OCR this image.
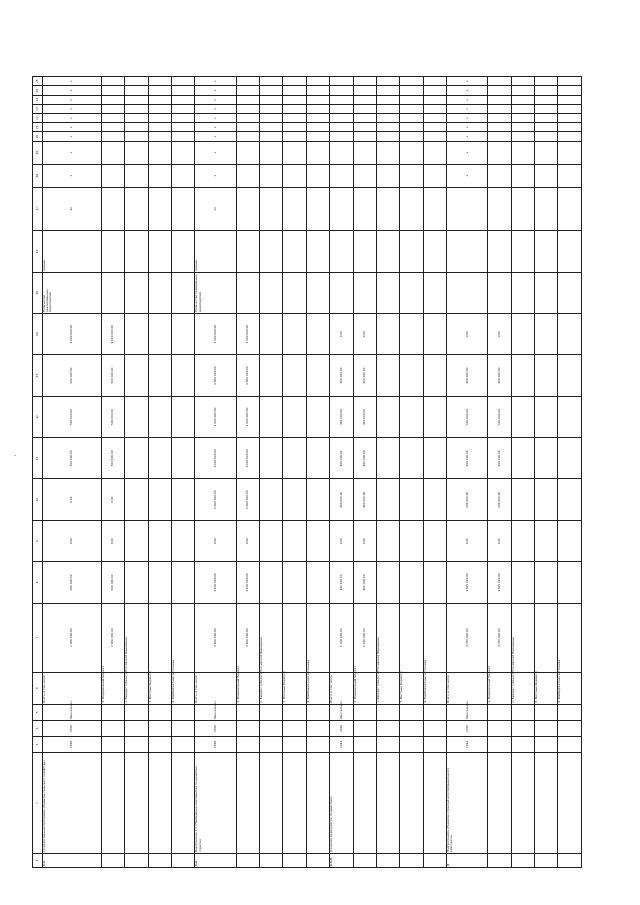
-
1	2	3	4	5	6	7	8	9	10	11	12	13	14	15	16	17	18	19	20	21	22	23	24	25	26
1.1	Государственная программа «Развитие сельского хозяйства»	2014	2020	Минсельхоз	Всего, в том числе	2 000 000,00	500 000,00	0,00	0,00	500 000,00	500 000,00	500 000,00	1 000 000,00	Количество реализованных мероприятий	единиц	12	x	x	x	x	x	x	x	x	x
					1. Федеральный бюджет	2 000 000,00	500 000,00	0,00	0,00	500 000,00	500 000,00	500 000,00	1 000 000,00												
					2. Бюджет субъекта Российской Федерации																				
					3. Местные бюджеты																				
					4. Внебюджетные источники																				
1.2	Мероприятие 1.2 «Проведение мероприятий по развитию отрасли»	2014	2020	Минсельхоз	Всего, в том числе	3 100 000,00	1 100 000,00	0,00	1 000 000,00	1 000 000,00	1 000 000,00	1 000 000,00	1 100 000,00	Количество проведённых мероприятий	единиц	22	x	x	x	x	x	x	x	x	x
					1. Федеральный бюджет	3 100 000,00	1 100 000,00	0,00	1 000 000,00	1 000 000,00	1 000 000,00	1 000 000,00	1 100 000,00												
					2. Бюджет субъекта Российской Федерации																				
					3. Местные бюджеты																				
					4. Внебюджетные источники																				
1.1.5	Основное мероприятие «Содействие»	2014	2016	Минсельхоз	Всего, в том числе	1 200 000,00	400 000,00	0,00	400 000,00	400 000,00	400 000,00	400 000,00	0,00												
					1. Федеральный бюджет	1 200 000,00	400 000,00	0,00	400 000,00	400 000,00	400 000,00	400 000,00	0,00												
					2. Бюджет субъекта Российской Федерации																				
					3. Местные бюджеты																				
					4. Внебюджетные источники																				
2	Подпрограмма «Развитие отраслей агропромышленного комплекса»	2014	2020	Минсельхоз	Всего, в том числе	4 700 000,00	1 500 000,00	0,00	500 000,00	500 000,00	500 000,00	400 000,00	0,00				x	x	x	x	x	x	x	x	x
					1. Федеральный бюджет	4 700 000,00	1 500 000,00	0,00	500 000,00	500 000,00	500 000,00	400 000,00	0,00												
					2. Бюджет субъекта Российской Федерации																				
					3. Местные бюджеты																				
					4. Внебюджетные источники																				
